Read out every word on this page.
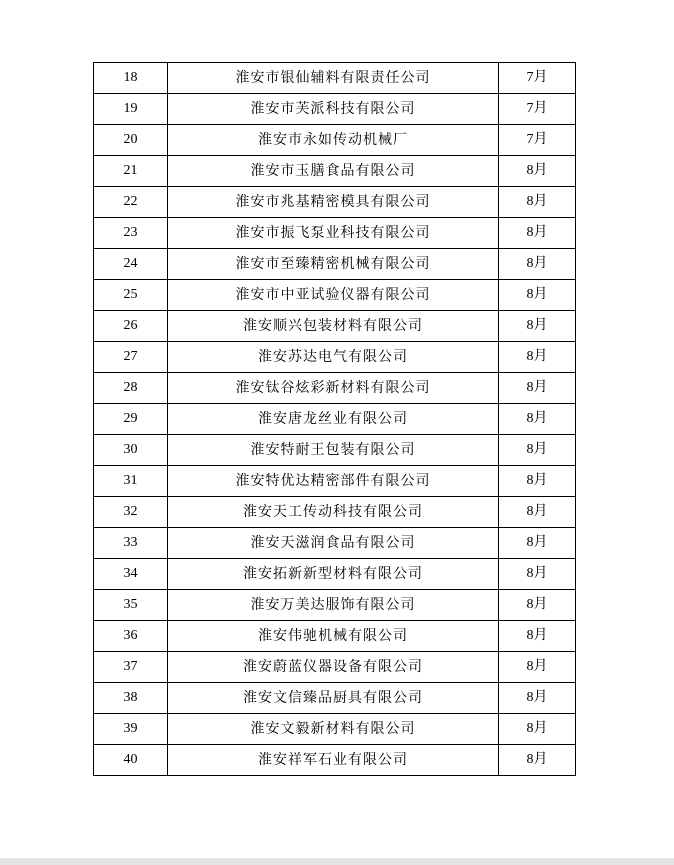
18	淮安市银仙辅料有限责任公司	7月
19	淮安市芙派科技有限公司	7月
20	淮安市永如传动机械厂	7月
21	淮安市玉膳食品有限公司	8月
22	淮安市兆基精密模具有限公司	8月
23	淮安市振飞泵业科技有限公司	8月
24	淮安市至臻精密机械有限公司	8月
25	淮安市中亚试验仪器有限公司	8月
26	淮安顺兴包装材料有限公司	8月
27	淮安苏达电气有限公司	8月
28	淮安钛谷炫彩新材料有限公司	8月
29	淮安唐龙丝业有限公司	8月
30	淮安特耐王包装有限公司	8月
31	淮安特优达精密部件有限公司	8月
32	淮安天工传动科技有限公司	8月
33	淮安天滋润食品有限公司	8月
34	淮安拓新新型材料有限公司	8月
35	淮安万美达服饰有限公司	8月
36	淮安伟驰机械有限公司	8月
37	淮安蔚蓝仪器设备有限公司	8月
38	淮安文信臻品厨具有限公司	8月
39	淮安文毅新材料有限公司	8月
40	淮安祥军石业有限公司	8月
